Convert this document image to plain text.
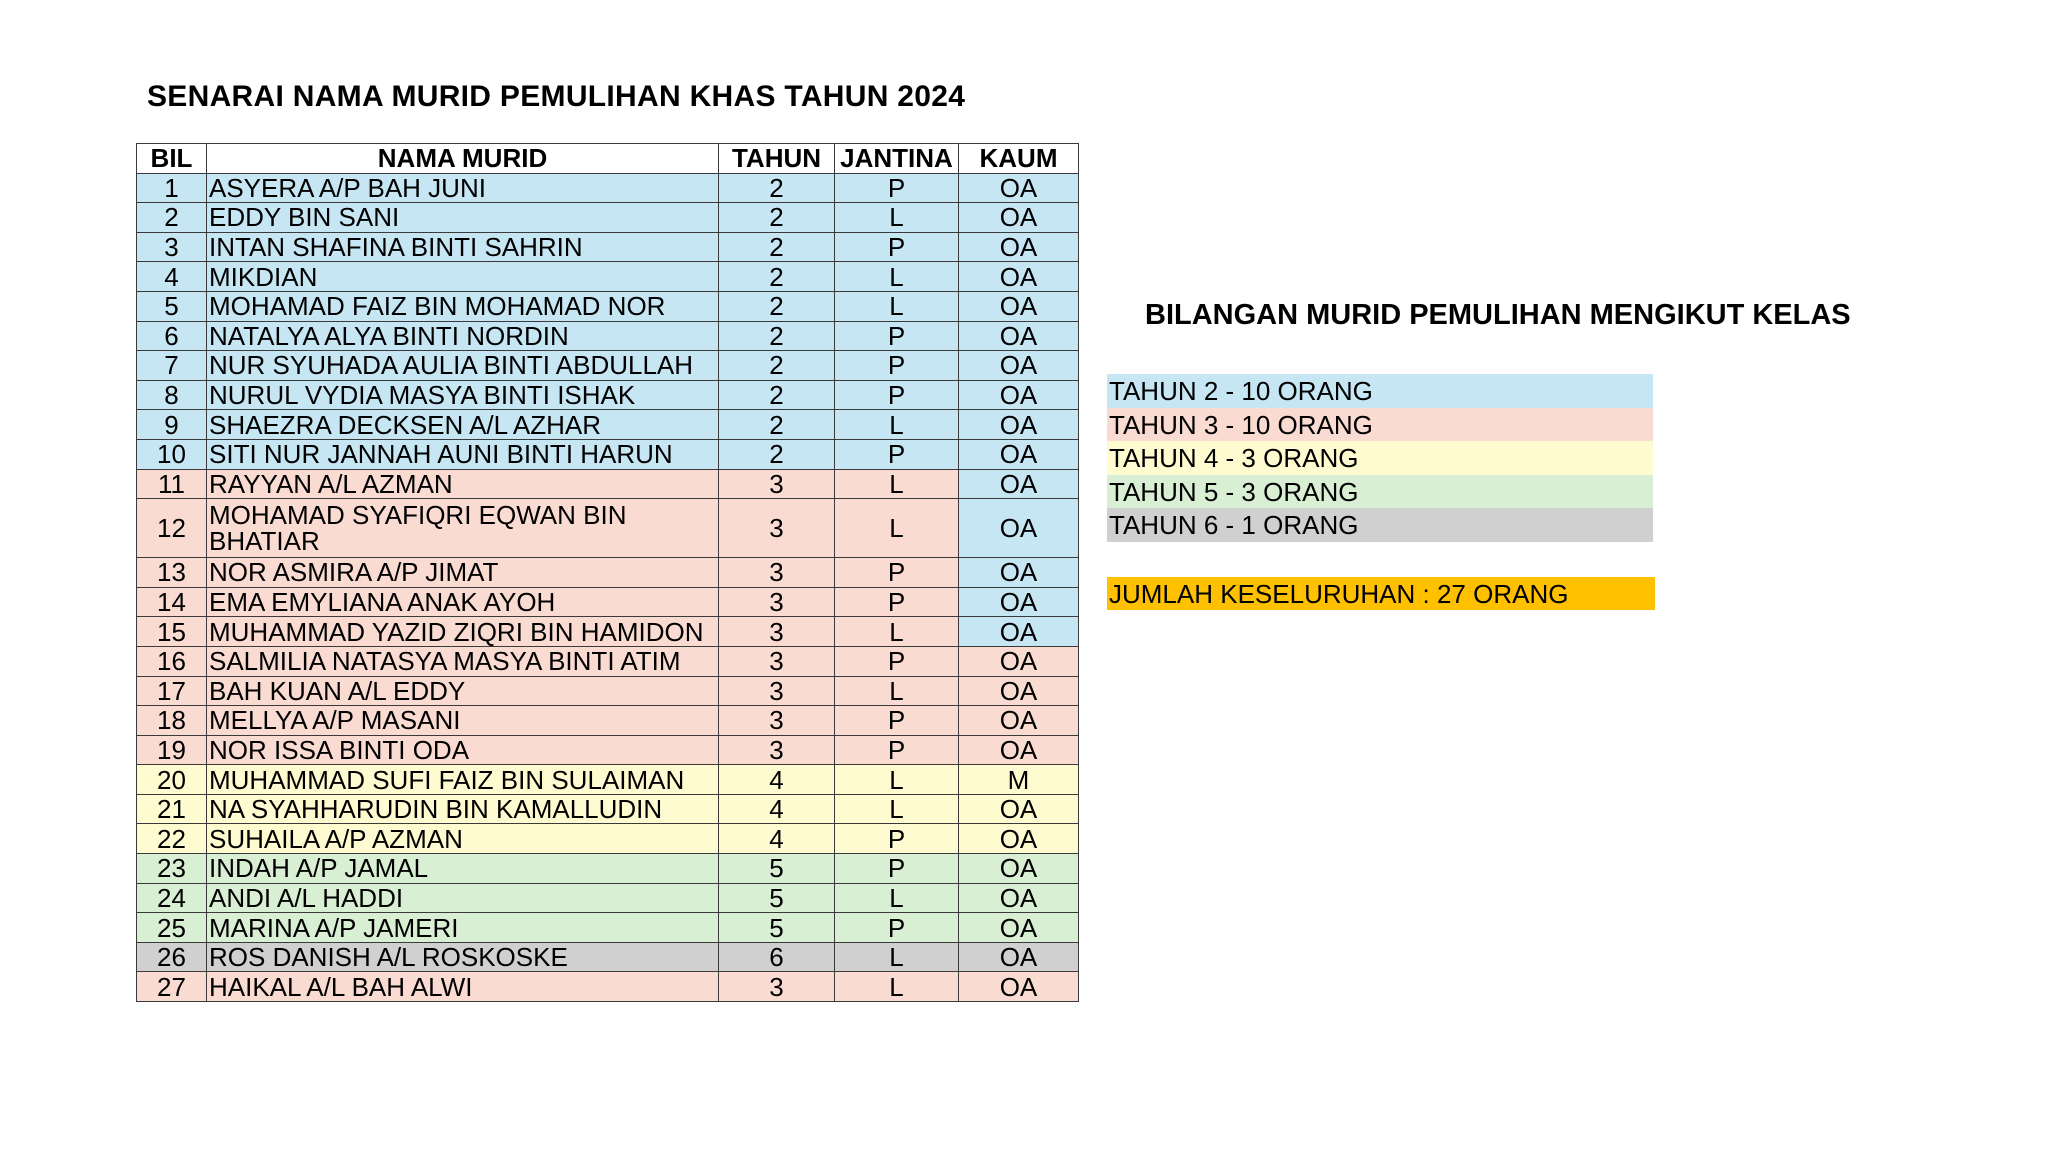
SENARAI NAMA MURID PEMULIHAN KHAS TAHUN 2024
BIL	NAMA MURID	TAHUN	JANTINA	KAUM
1	ASYERA A/P BAH JUNI	2	P	OA
2	EDDY BIN SANI	2	L	OA
3	INTAN SHAFINA BINTI SAHRIN	2	P	OA
4	MIKDIAN	2	L	OA
5	MOHAMAD FAIZ BIN MOHAMAD NOR	2	L	OA
6	NATALYA ALYA BINTI NORDIN	2	P	OA
7	NUR SYUHADA AULIA BINTI ABDULLAH	2	P	OA
8	NURUL VYDIA MASYA BINTI ISHAK	2	P	OA
9	SHAEZRA DECKSEN A/L AZHAR	2	L	OA
10	SITI NUR JANNAH AUNI BINTI HARUN	2	P	OA
11	RAYYAN A/L AZMAN	3	L	OA
12	MOHAMAD SYAFIQRI EQWAN BIN BHATIAR	3	L	OA
13	NOR ASMIRA A/P JIMAT	3	P	OA
14	EMA EMYLIANA ANAK AYOH	3	P	OA
15	MUHAMMAD YAZID ZIQRI BIN HAMIDON	3	L	OA
16	SALMILIA NATASYA MASYA BINTI ATIM	3	P	OA
17	BAH KUAN A/L EDDY	3	L	OA
18	MELLYA A/P MASANI	3	P	OA
19	NOR ISSA BINTI ODA	3	P	OA
20	MUHAMMAD SUFI FAIZ BIN SULAIMAN	4	L	M
21	NA SYAHHARUDIN BIN KAMALLUDIN	4	L	OA
22	SUHAILA A/P AZMAN	4	P	OA
23	INDAH A/P JAMAL	5	P	OA
24	ANDI A/L HADDI	5	L	OA
25	MARINA A/P JAMERI	5	P	OA
26	ROS DANISH A/L ROSKOSKE	6	L	OA
27	HAIKAL A/L BAH ALWI	3	L	OA
BILANGAN MURID PEMULIHAN MENGIKUT KELAS
TAHUN 2 - 10 ORANG
TAHUN 3 - 10 ORANG
TAHUN 4 - 3 ORANG
TAHUN 5 - 3 ORANG
TAHUN 6 - 1 ORANG
JUMLAH KESELURUHAN : 27 ORANG
